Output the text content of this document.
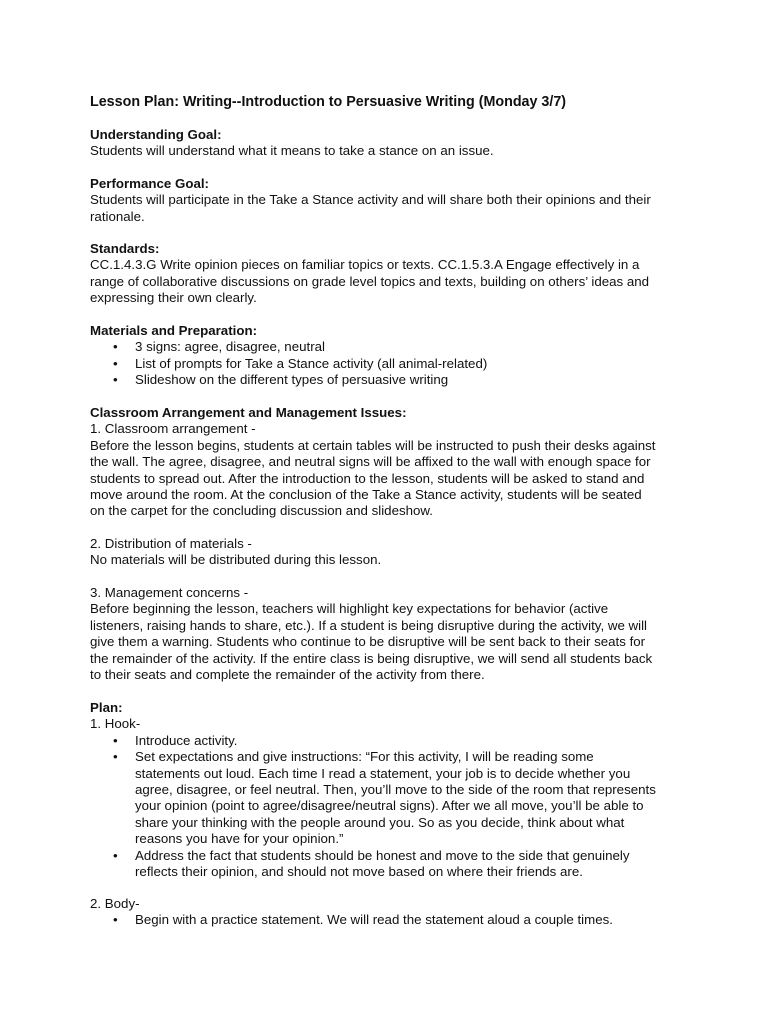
Lesson Plan: Writing--Introduction to Persuasive Writing (Monday 3/7)

Understanding Goal:

Students will understand what it means to take a stance on an issue.

Performance Goal:

Students will participate in the Take a Stance activity and will share both their opinions and their

rationale.

Standards:

CC.1.4.3.G Write opinion pieces on familiar topics or texts. CC.1.5.3.A Engage effectively in a

range of collaborative discussions on grade level topics and texts, building on others’ ideas and

expressing their own clearly.

Materials and Preparation:

• 3 signs: agree, disagree, neutral
• List of prompts for Take a Stance activity (all animal-related)
• Slideshow on the different types of persuasive writing

Classroom Arrangement and Management Issues:

1. Classroom arrangement -

Before the lesson begins, students at certain tables will be instructed to push their desks against

the wall. The agree, disagree, and neutral signs will be affixed to the wall with enough space for

students to spread out. After the introduction to the lesson, students will be asked to stand and

move around the room. At the conclusion of the Take a Stance activity, students will be seated

on the carpet for the concluding discussion and slideshow.

2. Distribution of materials -

No materials will be distributed during this lesson.

3. Management concerns -

Before beginning the lesson, teachers will highlight key expectations for behavior (active

listeners, raising hands to share, etc.). If a student is being disruptive during the activity, we will

give them a warning. Students who continue to be disruptive will be sent back to their seats for

the remainder of the activity. If the entire class is being disruptive, we will send all students back

to their seats and complete the remainder of the activity from there.

Plan:

1. Hook-

• Introduce activity.
• Set expectations and give instructions: “For this activity, I will be reading some

statements out loud. Each time I read a statement, your job is to decide whether you

agree, disagree, or feel neutral. Then, you’ll move to the side of the room that represents

your opinion (point to agree/disagree/neutral signs). After we all move, you’ll be able to

share your thinking with the people around you. So as you decide, think about what

reasons you have for your opinion.”

• Address the fact that students should be honest and move to the side that genuinely

reflects their opinion, and should not move based on where their friends are.

2. Body-

• Begin with a practice statement. We will read the statement aloud a couple times.
